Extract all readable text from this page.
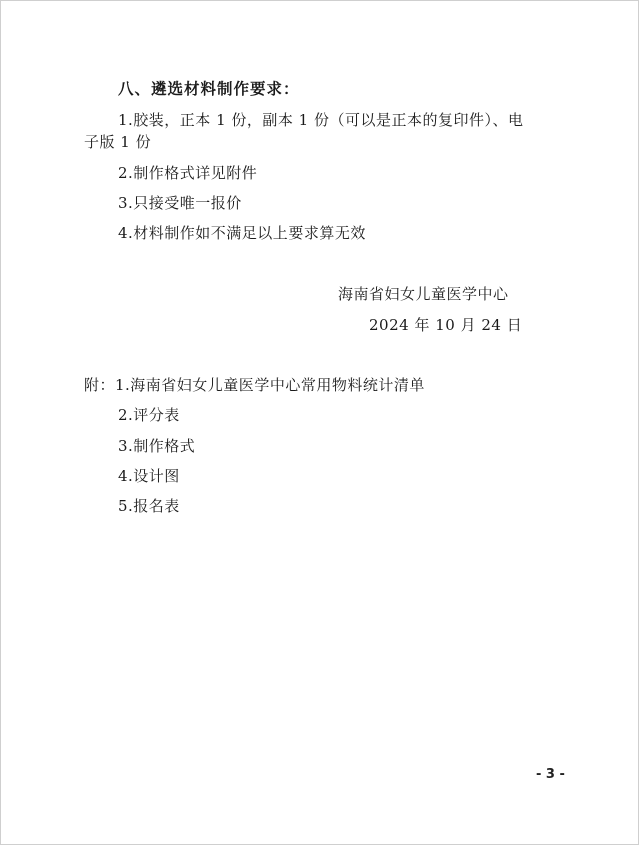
八、遴选材料制作要求：
1.胶装，正本 1 份，副本 1 份（可以是正本的复印件）、电
子版 1 份
2.制作格式详见附件
3.只接受唯一报价
4.材料制作如不满足以上要求算无效
海南省妇女儿童医学中心
2024 年 10 月 24 日
附：1.海南省妇女儿童医学中心常用物料统计清单
2.评分表
3.制作格式
4.设计图
5.报名表
- 3 -
